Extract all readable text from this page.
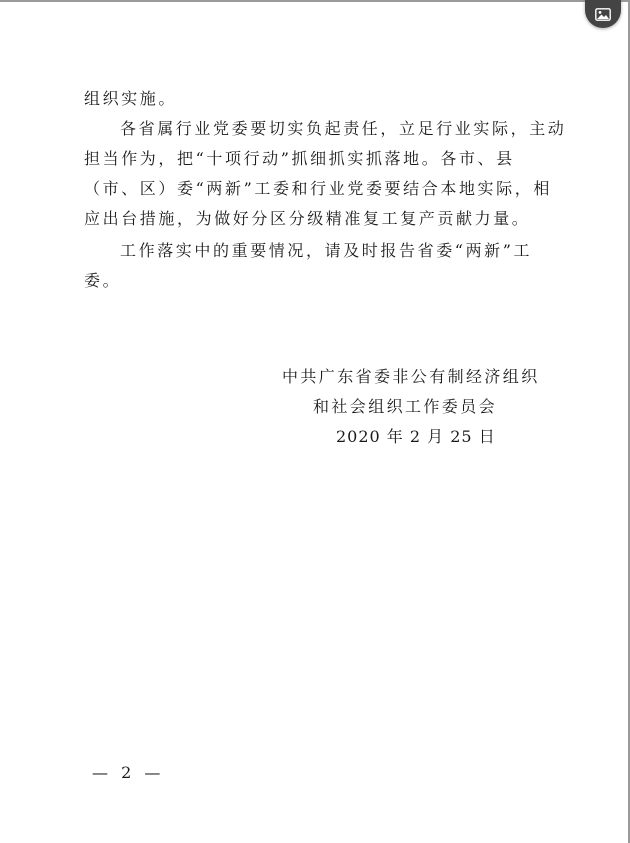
组织实施。

各省属行业党委要切实负起责任，立足行业实际，主动
担当作为，把“十项行动”抓细抓实抓落地。各市、县
（市、区）委“两新”工委和行业党委要结合本地实际，相
应出台措施，为做好分区分级精准复工复产贡献力量。

工作落实中的重要情况，请及时报告省委“两新”工
委。

中共广东省委非公有制经济组织
和社会组织工作委员会
2020 年 2 月 25 日
— 2 —
